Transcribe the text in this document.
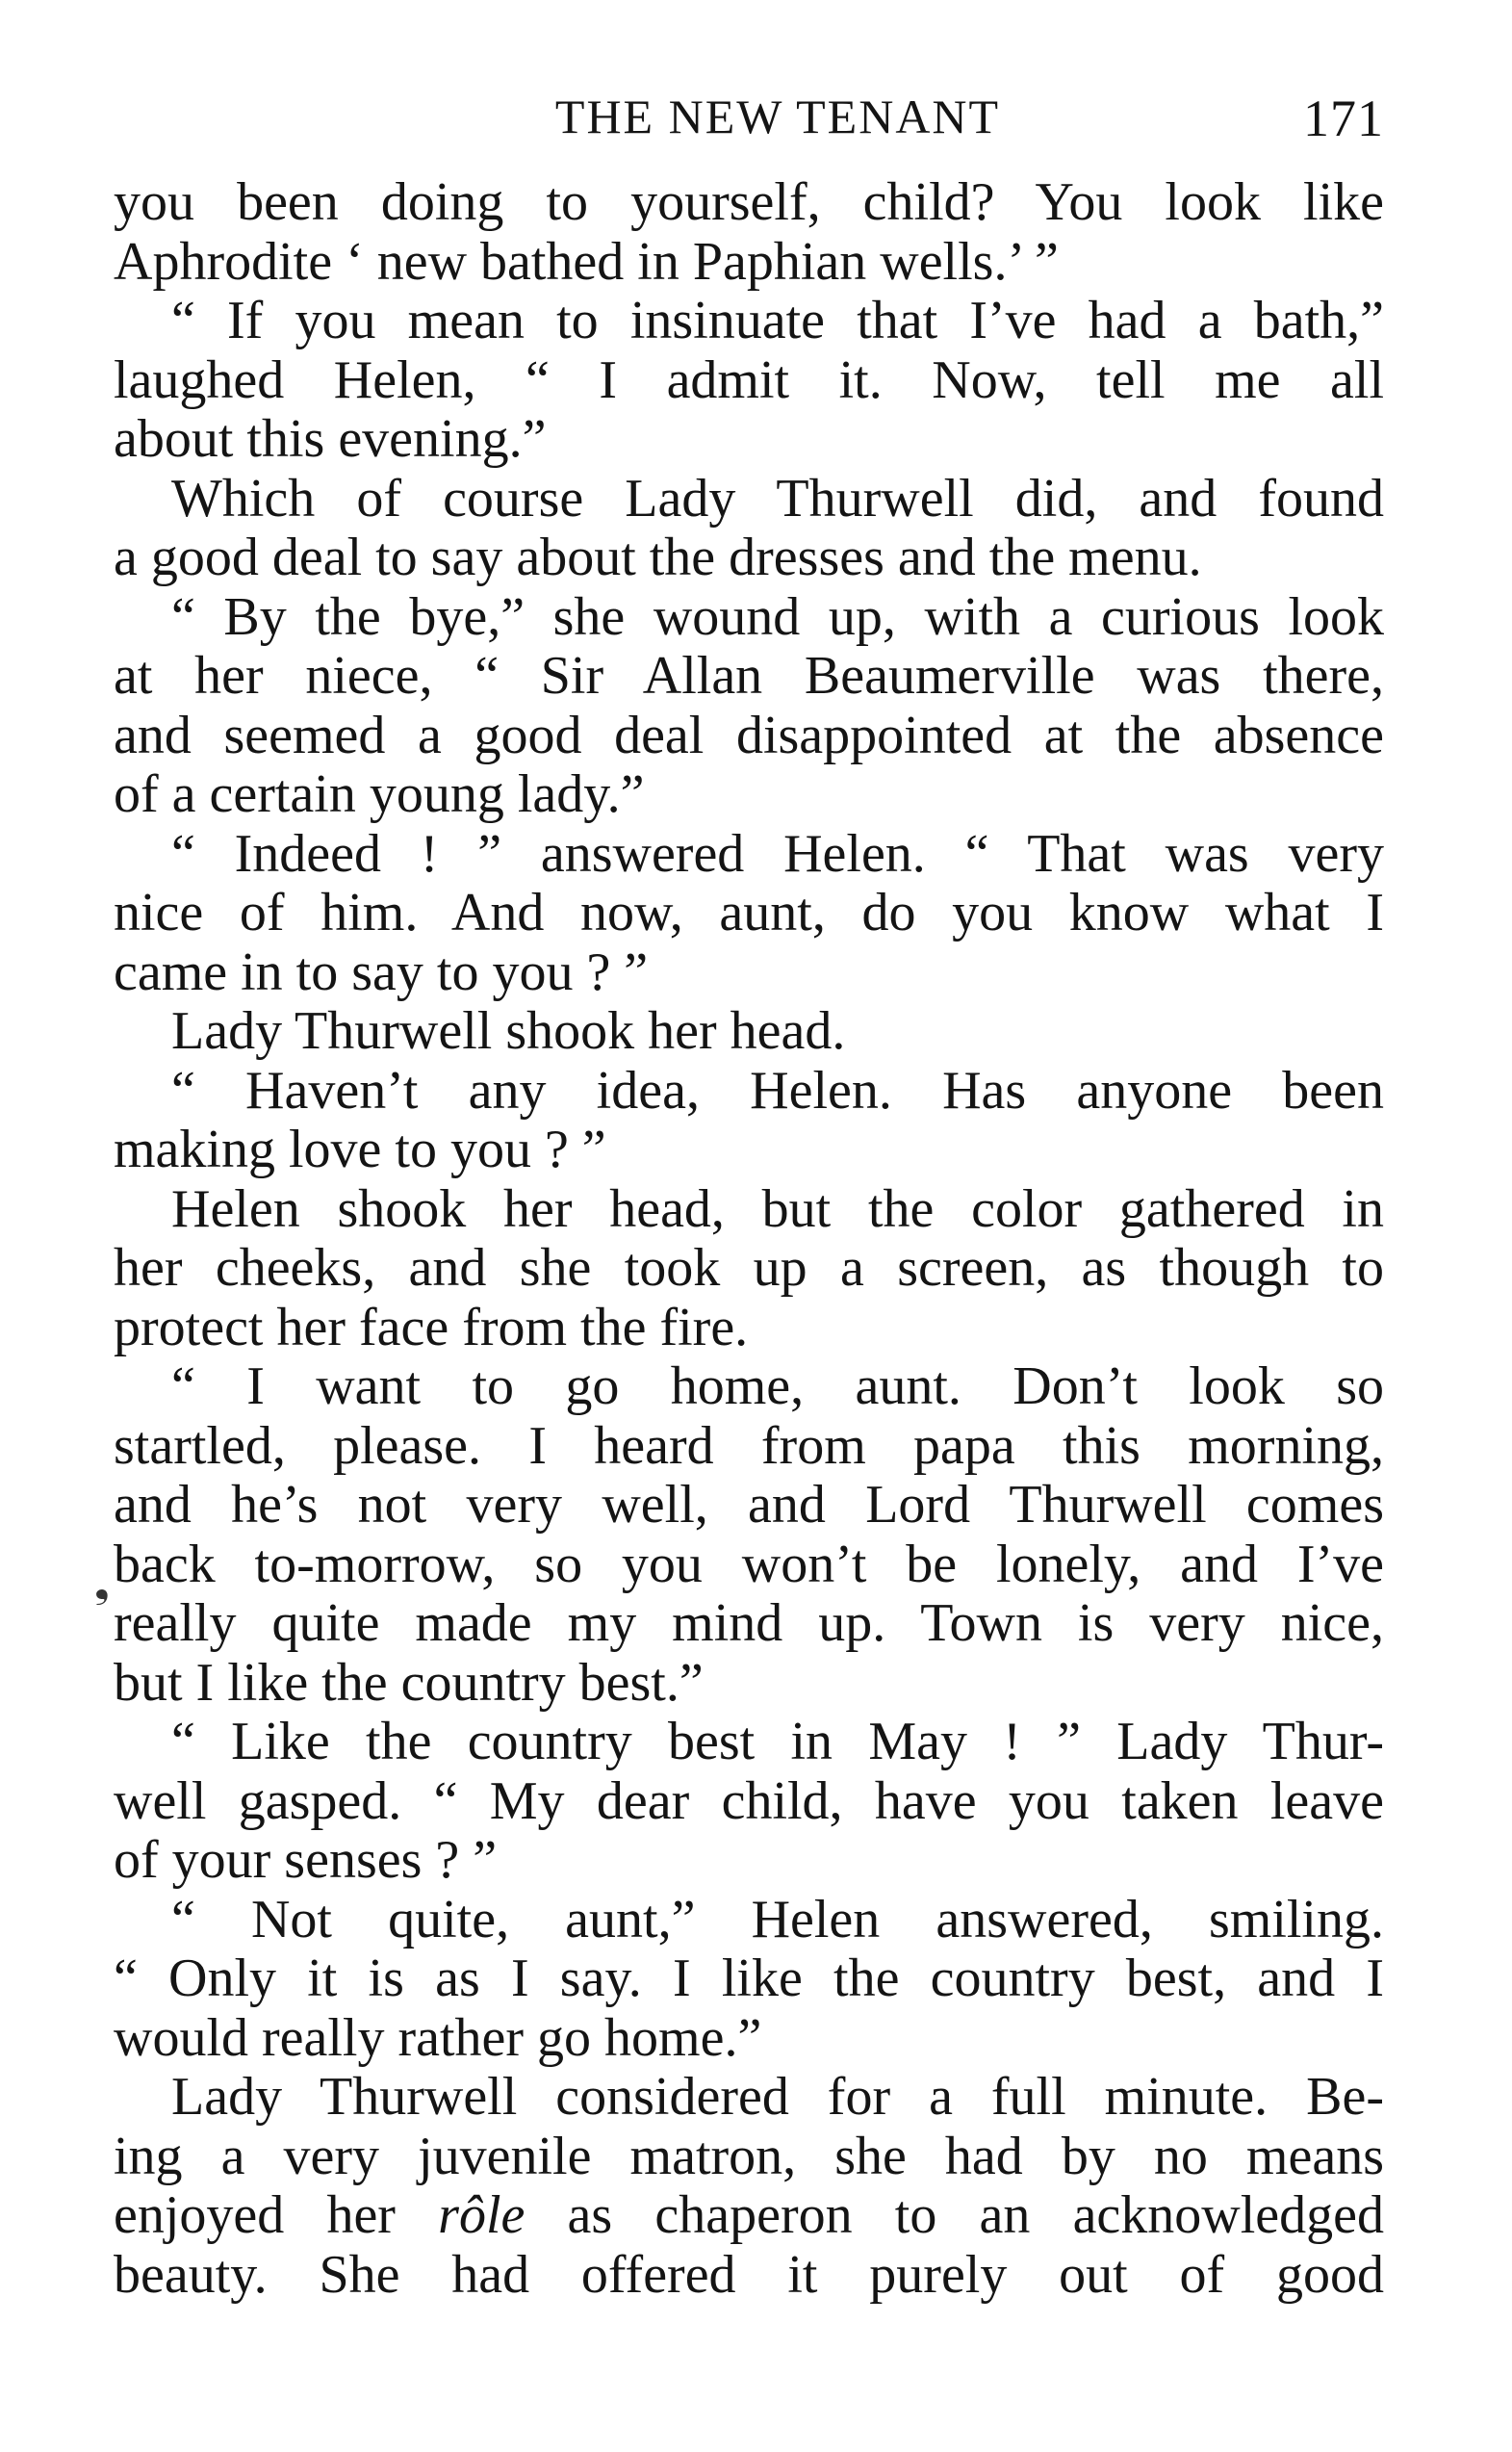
THE NEW TENANT	171
❟
you been doing to yourself, child? You look like
Aphrodite ‘ new bathed in Paphian wells.’ ”
“ If you mean to insinuate that I’ve had a bath,”
laughed Helen, “ I admit it. Now, tell me all
about this evening.”
Which of course Lady Thurwell did, and found
a good deal to say about the dresses and the menu.
“ By the bye,” she wound up, with a curious look
at her niece, “ Sir Allan Beaumerville was there,
and seemed a good deal disappointed at the absence
of a certain young lady.”
“ Indeed ! ” answered Helen. “ That was very
nice of him. And now, aunt, do you know what I
came in to say to you ? ”
Lady Thurwell shook her head.
“ Haven’t any idea, Helen. Has anyone been
making love to you ? ”
Helen shook her head, but the color gathered in
her cheeks, and she took up a screen, as though to
protect her face from the fire.
“ I want to go home, aunt. Don’t look so
startled, please. I heard from papa this morning,
and he’s not very well, and Lord Thurwell comes
back to-morrow, so you won’t be lonely, and I’ve
really quite made my mind up. Town is very nice,
but I like the country best.”
“ Like the country best in May ! ” Lady Thur-
well gasped. “ My dear child, have you taken leave
of your senses ? ”
“ Not quite, aunt,” Helen answered, smiling.
“ Only it is as I say. I like the country best, and I
would really rather go home.”
Lady Thurwell considered for a full minute. Be-
ing a very juvenile matron, she had by no means
enjoyed her rôle as chaperon to an acknowledged
beauty. She had offered it purely out of good
